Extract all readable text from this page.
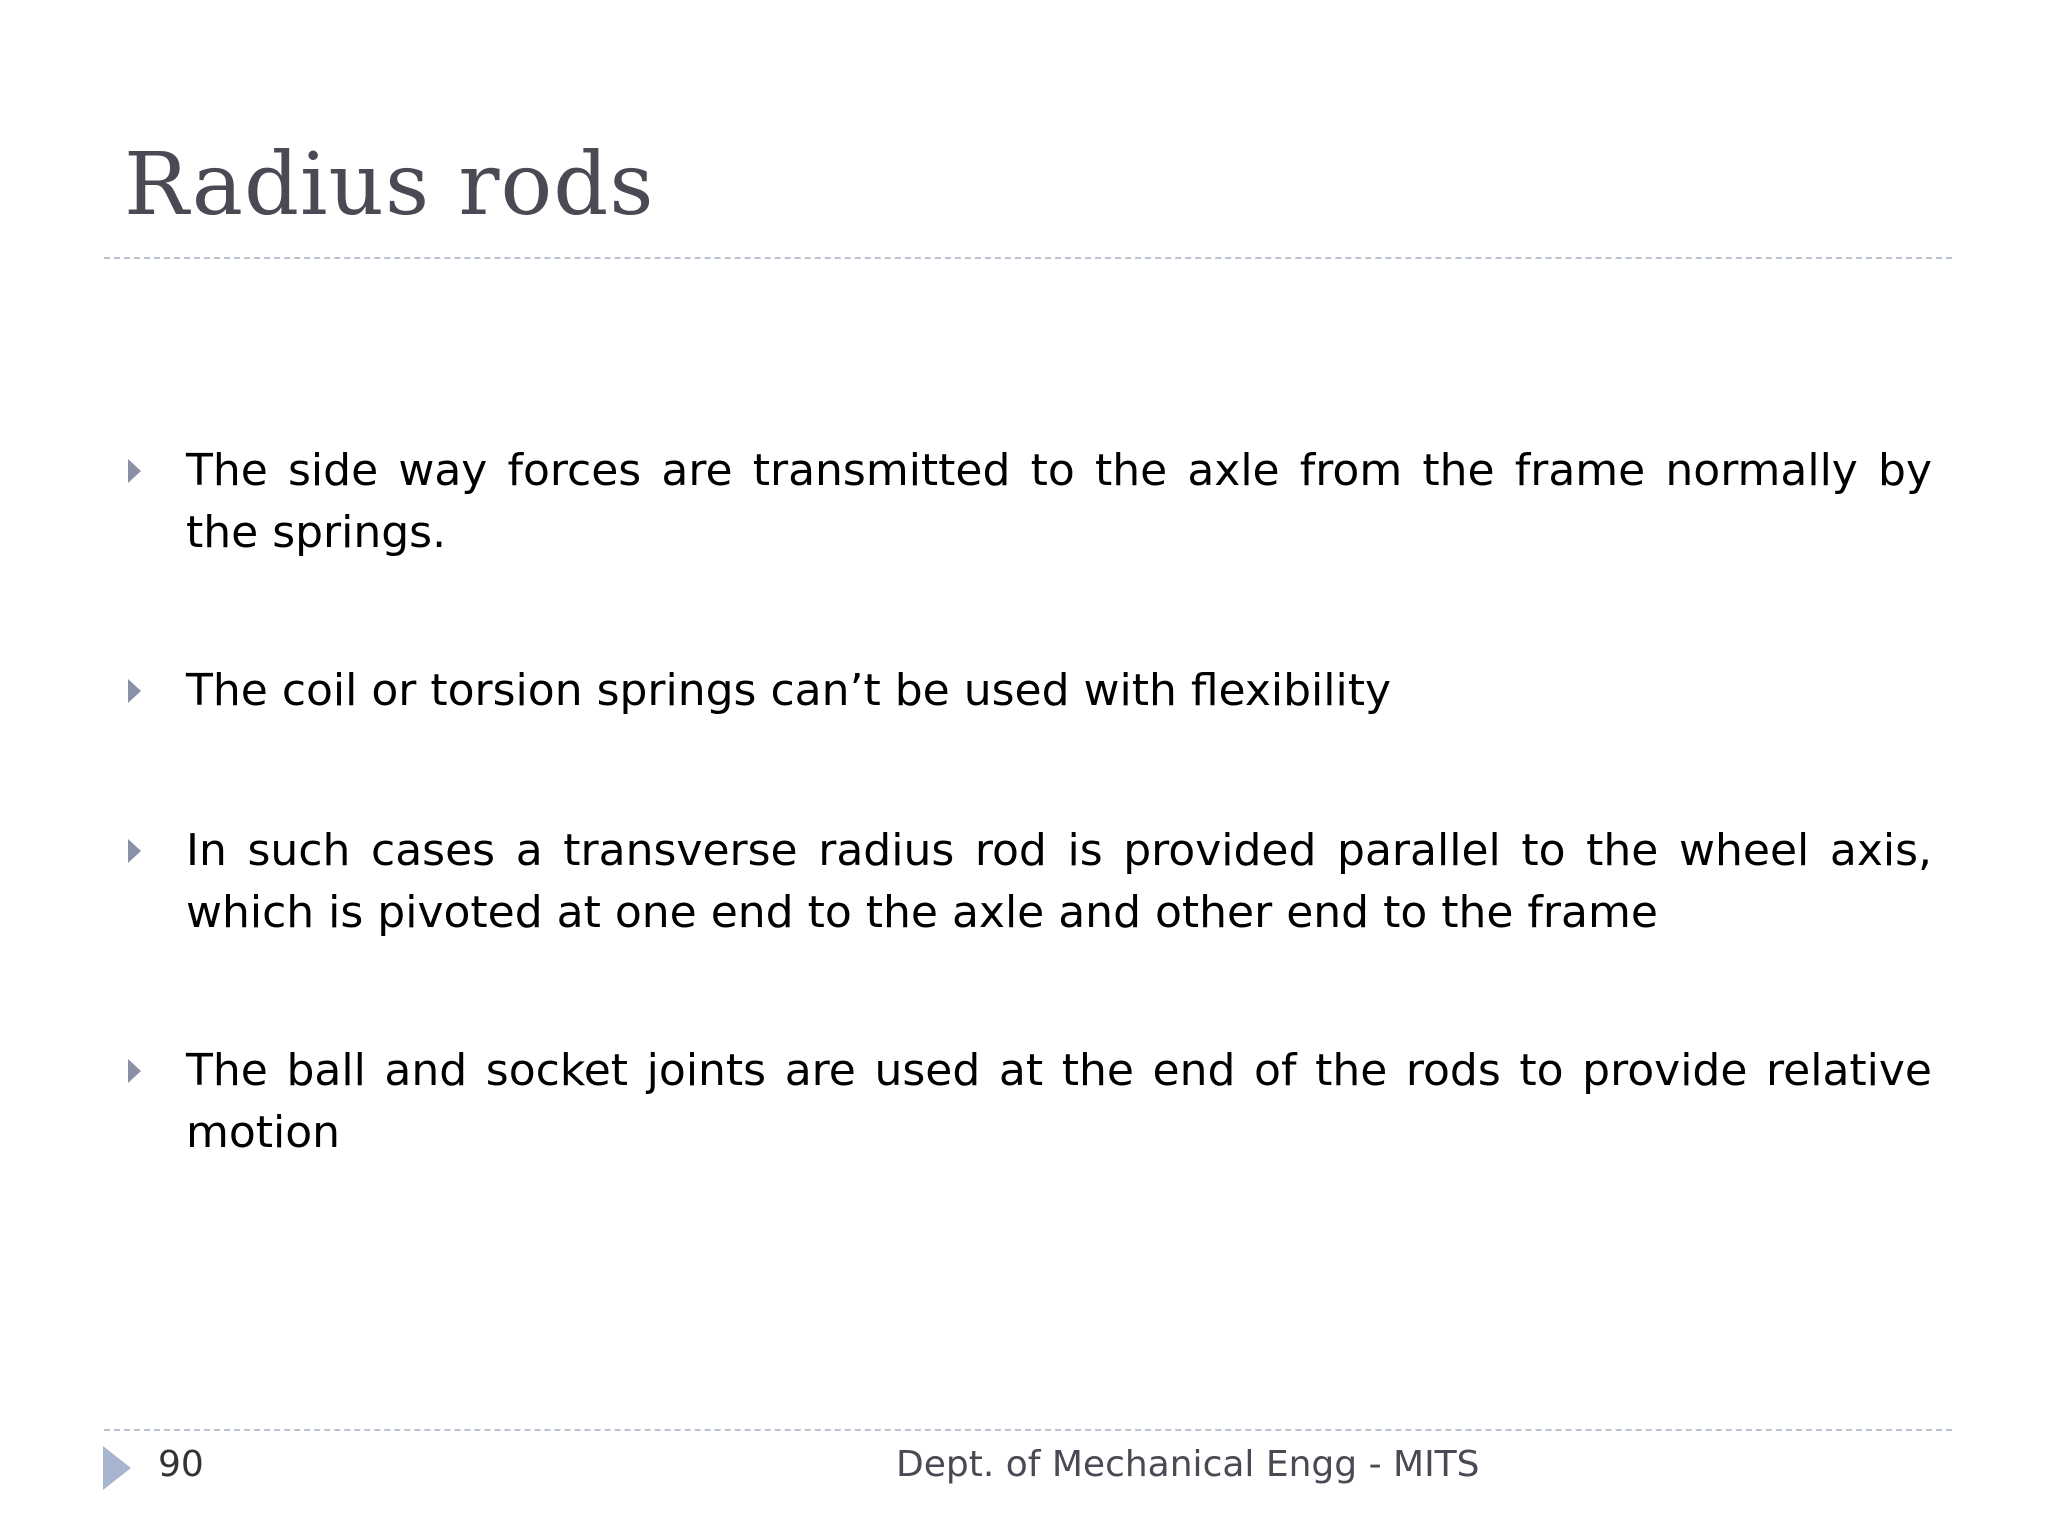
Radius rods
The side way forces are transmitted to the axle from the frame normally by the springs.
The coil or torsion springs can’t be used with flexibility
In such cases a transverse radius rod is provided parallel to the wheel axis, which is pivoted at one end to the axle and other end to the frame
The ball and socket joints are used at the end of the rods to provide relative motion
90	Dept. of Mechanical Engg - MITS
